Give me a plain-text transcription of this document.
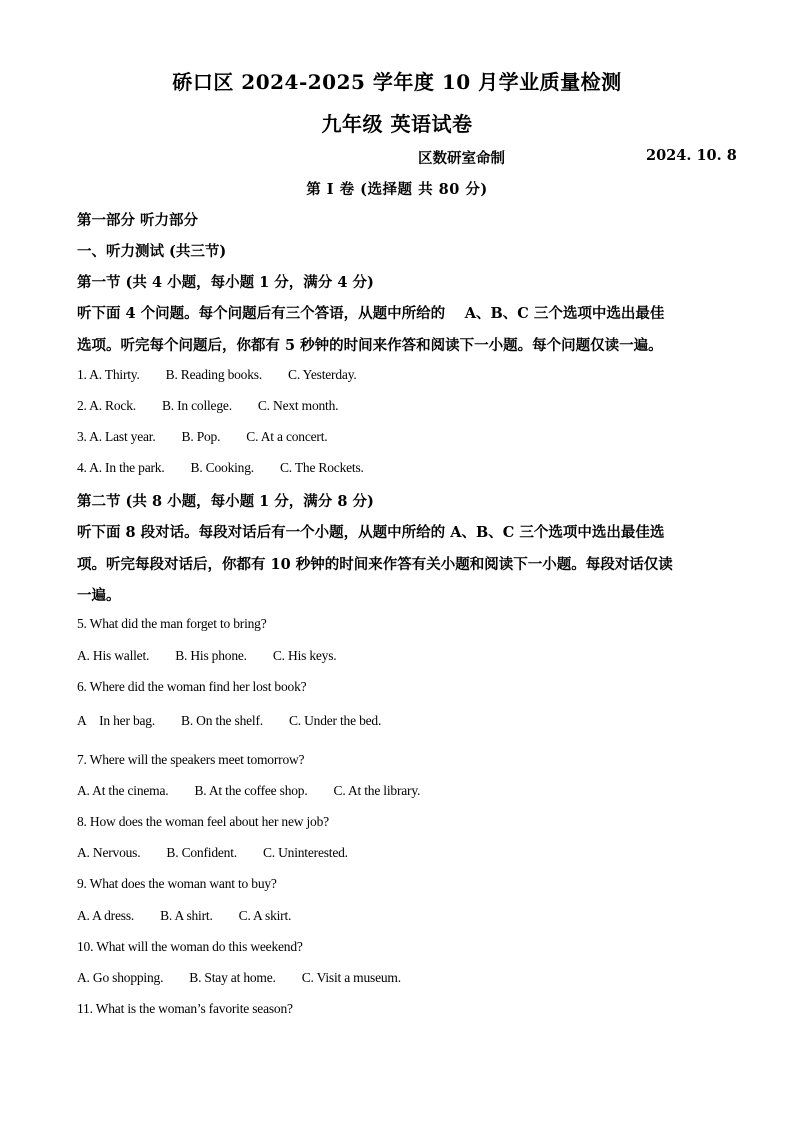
硚口区 2024-2025 学年度 10 月学业质量检测
九年级 英语试卷
区数研室命制	2024. 10. 8
第 I 卷 (选择题 共 80 分)
第一部分 听力部分
一、听力测试 (共三节)
第一节 (共 4 小题，每小题 1 分，满分 4 分)
听下面 4 个问题。每个问题后有三个答语，从题中所给的　 A、B、C 三个选项中选出最佳
选项。听完每个问题后，你都有 5 秒钟的时间来作答和阅读下一小题。每个问题仅读一遍。
1. A. Thirty. B. Reading books. C. Yesterday.
2. A. Rock. B. In college. C. Next month.
3. A. Last year. B. Pop. C. At a concert.
4. A. In the park. B. Cooking. C. The Rockets.
第二节 (共 8 小题，每小题 1 分，满分 8 分)
听下面 8 段对话。每段对话后有一个小题，从题中所给的 A、B、C 三个选项中选出最佳选
项。听完每段对话后，你都有 10 秒钟的时间来作答有关小题和阅读下一小题。每段对话仅读
一遍。
5. What did the man forget to bring?
A. His wallet. B. His phone. C. His keys.
6. Where did the woman find her lost book?
A　In her bag. B. On the shelf. C. Under the bed.
7. Where will the speakers meet tomorrow?
A. At the cinema. B. At the coffee shop. C. At the library.
8. How does the woman feel about her new job?
A. Nervous. B. Confident. C. Uninterested.
9. What does the woman want to buy?
A. A dress. B. A shirt. C. A skirt.
10. What will the woman do this weekend?
A. Go shopping. B. Stay at home. C. Visit a museum.
11. What is the woman’s favorite season?
